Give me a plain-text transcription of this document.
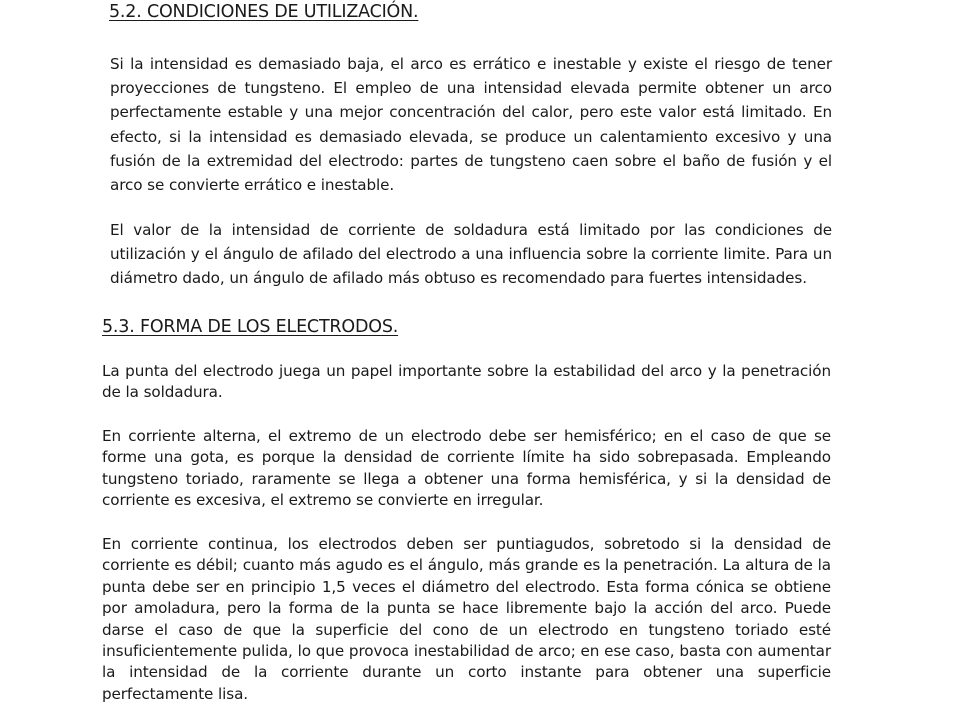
5.2. CONDICIONES DE UTILIZACIÓN.

Si la intensidad es demasiado baja, el arco es errático e inestable y existe el riesgo de tener proyecciones de tungsteno. El empleo de una intensidad elevada permite obtener un arco perfectamente estable y una mejor concentración del calor, pero este valor está limitado. En efecto, si la intensidad es demasiado elevada, se produce un calentamiento excesivo y una fusión de la extremidad del electrodo: partes de tungsteno caen sobre el baño de fusión y el arco se convierte errático e inestable.

El valor de la intensidad de corriente de soldadura está limitado por las condiciones de utilización y el ángulo de afilado del electrodo a una influencia sobre la corriente limite. Para un diámetro dado, un ángulo de afilado más obtuso es recomendado para fuertes intensidades.

5.3. FORMA DE LOS ELECTRODOS.

La punta del electrodo juega un papel importante sobre la estabilidad del arco y la penetración de la soldadura.

En corriente alterna, el extremo de un electrodo debe ser hemisférico; en el caso de que se forme una gota, es porque la densidad de corriente límite ha sido sobrepasada. Empleando tungsteno toriado, raramente se llega a obtener una forma hemisférica, y si la densidad de corriente es excesiva, el extremo se convierte en irregular.

En corriente continua, los electrodos deben ser puntiagudos, sobretodo si la densidad de corriente es débil; cuanto más agudo es el ángulo, más grande es la penetración. La altura de la punta debe ser en principio 1,5 veces el diámetro del electrodo. Esta forma cónica se obtiene por amoladura, pero la forma de la punta se hace libremente bajo la acción del arco. Puede darse el caso de que la superficie del cono de un electrodo en tungsteno toriado esté insuficientemente pulida, lo que provoca inestabilidad de arco; en ese caso, basta con aumentar la intensidad de la corriente durante un corto instante para obtener una superficie perfectamente lisa.
